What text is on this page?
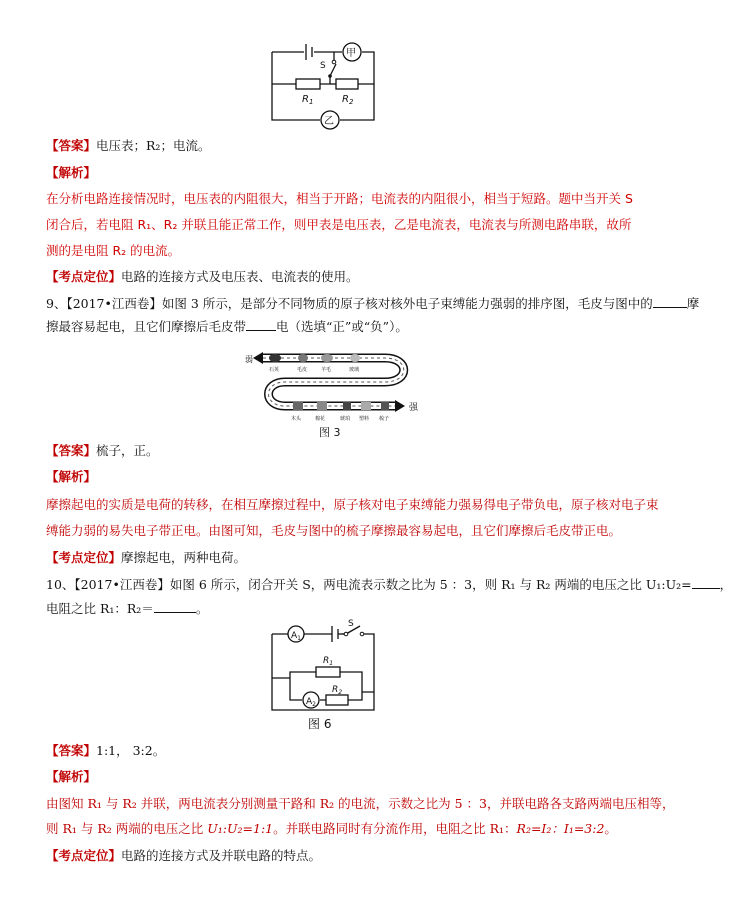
甲
乙
S
$R_1$	$R_2$
【答案】电压表；R₂；电流。
【解析】
在分析电路连接情况时，电压表的内阻很大，相当于开路；电流表的内阻很小，相当于短路。题中当开关 S
闭合后，若电阻 R₁、R₂ 并联且能正常工作，则甲表是电压表，乙是电流表，电流表与所测电路串联，故所
测的是电阻 R₂ 的电流。
【考点定位】电路的连接方式及电压表、电流表的使用。
9、【2017•江西卷】如图 3 所示，是部分不同物质的原子核对核外电子束缚能力强弱的排序图，毛皮与图中的	摩
擦最容易起电，且它们摩擦后毛皮带 电（选填“正”或“负”）。
弱
强
石英	毛皮	羊毛	玻璃
木头	棉花	琥珀 塑料 梳子
图 3
【答案】梳子，正。
【解析】
摩擦起电的实质是电荷的转移，在相互摩擦过程中，原子核对电子束缚能力强易得电子带负电，原子核对电子束
缚能力弱的易失电子带正电。由图可知，毛皮与图中的梳子摩擦最容易起电，且它们摩擦后毛皮带正电。
【考点定位】摩擦起电，两种电荷。
10、【2017•江西卷】如图 6 所示，闭合开关 S，两电流表示数之比为 5 ：3，则 R₁ 与 R₂ 两端的电压之比 U₁:U₂= ，
电阻之比 R₁：R₂＝	。
$A_1$
$A_2$
S
$R_1$
$R_2$
图 6
【答案】1:1， 3:2。
【解析】
由图知 R₁ 与 R₂ 并联，两电流表分别测量干路和 R₂ 的电流，示数之比为 5 ：3，并联电路各支路两端电压相等，
则 R₁ 与 R₂ 两端的电压之比 U₁:U₂=1:1。并联电路同时有分流作用，电阻之比 R₁：R₂=I₂：I₁=3:2。
【考点定位】电路的连接方式及并联电路的特点。
